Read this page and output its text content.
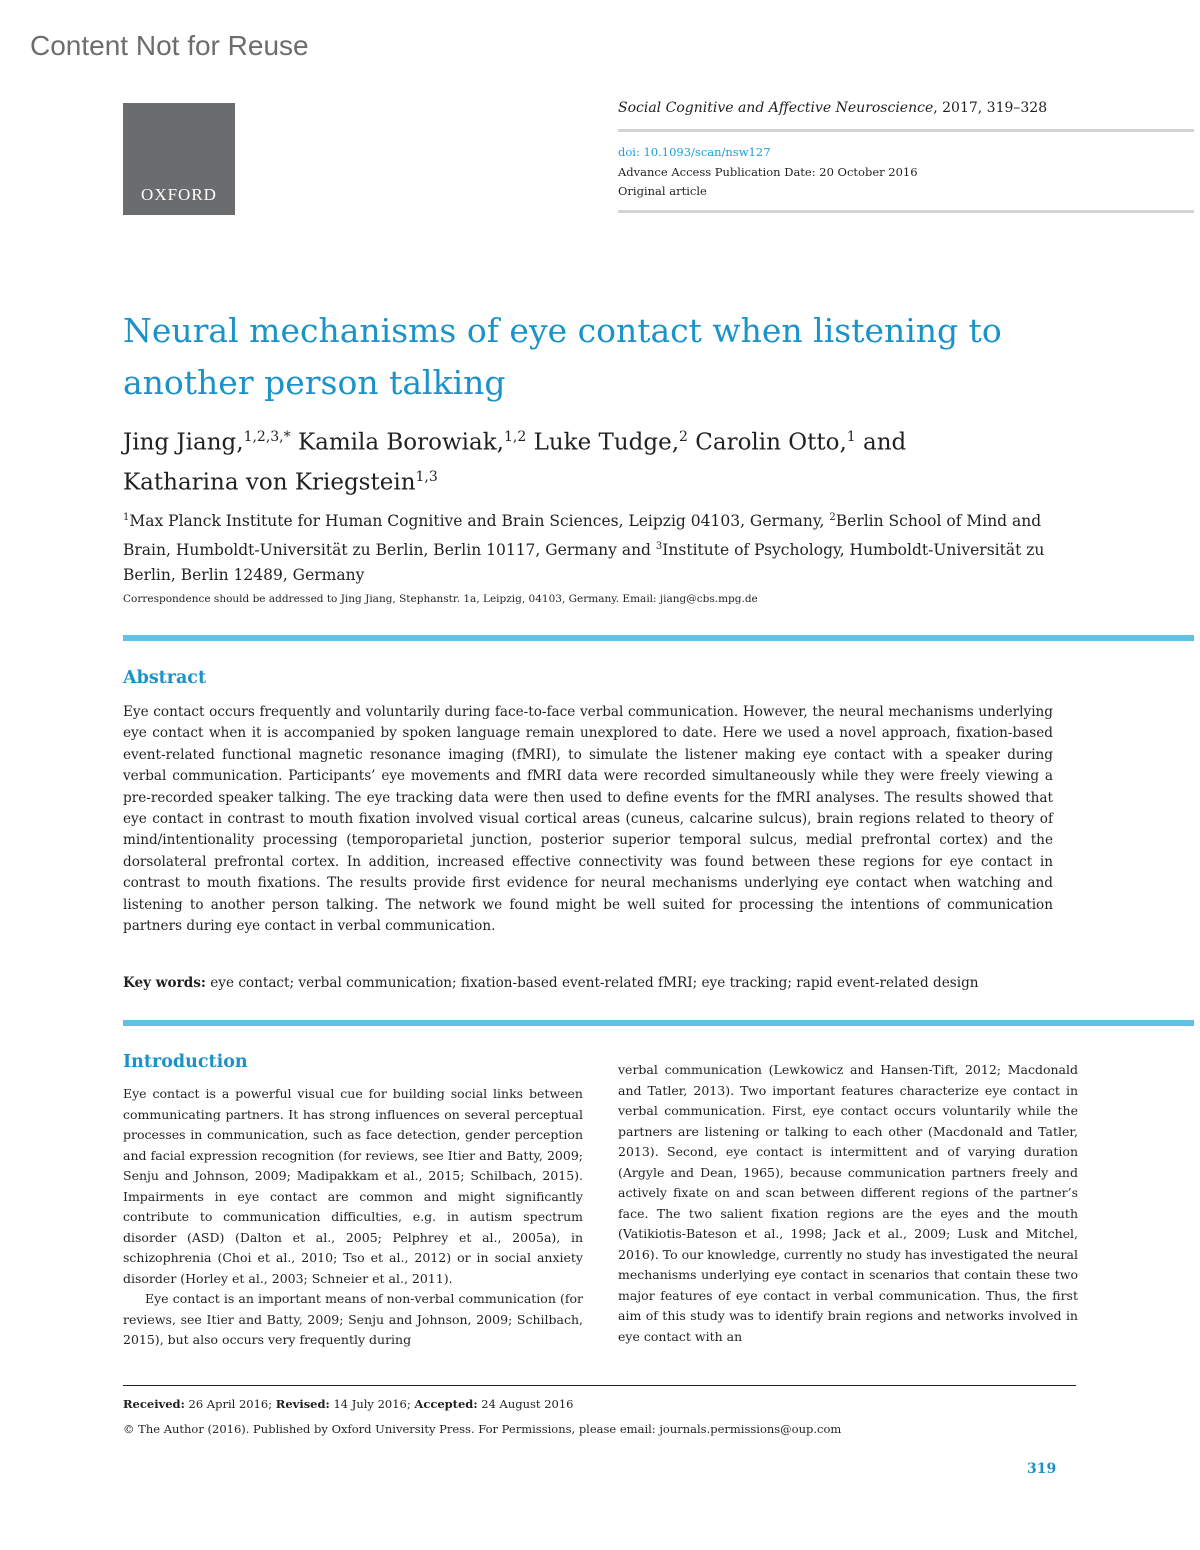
Content Not for Reuse
OXFORD
Social Cognitive and Affective Neuroscience, 2017, 319–328
doi: 10.1093/scan/nsw127
Advance Access Publication Date: 20 October 2016
Original article
Neural mechanisms of eye contact when listening to another person talking
Jing Jiang,$^{1,2,3,*}$ Kamila Borowiak,$^{1,2}$ Luke Tudge,$^2$ Carolin Otto,$^1$ and
Katharina von Kriegstein$^{1,3}$
$^1$Max Planck Institute for Human Cognitive and Brain Sciences, Leipzig 04103, Germany, $^2$Berlin School of Mind and Brain, Humboldt-Universität zu Berlin, Berlin 10117, Germany and $^3$Institute of Psychology, Humboldt-Universität zu Berlin, Berlin 12489, Germany
Correspondence should be addressed to Jing Jiang, Stephanstr. 1a, Leipzig, 04103, Germany. Email: jiang@cbs.mpg.de
Abstract
Eye contact occurs frequently and voluntarily during face-to-face verbal communication. However, the neural mechanisms underlying eye contact when it is accompanied by spoken language remain unexplored to date. Here we used a novel approach, fixation-based event-related functional magnetic resonance imaging (fMRI), to simulate the listener making eye contact with a speaker during verbal communication. Participants’ eye movements and fMRI data were recorded simultaneously while they were freely viewing a pre-recorded speaker talking. The eye tracking data were then used to define events for the fMRI analyses. The results showed that eye contact in contrast to mouth fixation involved visual cortical areas (cuneus, calcarine sulcus), brain regions related to theory of mind/intentionality processing (temporoparietal junction, posterior superior temporal sulcus, medial prefrontal cortex) and the dorsolateral prefrontal cortex. In addition, increased effective connectivity was found between these regions for eye contact in contrast to mouth fixations. The results provide first evidence for neural mechanisms underlying eye contact when watching and listening to another person talking. The network we found might be well suited for processing the intentions of communication partners during eye contact in verbal communication.
Key words: eye contact; verbal communication; fixation-based event-related fMRI; eye tracking; rapid event-related design
Introduction

Eye contact is a powerful visual cue for building social links between communicating partners. It has strong influences on several perceptual processes in communication, such as face detection, gender perception and facial expression recognition (for reviews, see Itier and Batty, 2009; Senju and Johnson, 2009; Madipakkam et al., 2015; Schilbach, 2015). Impairments in eye contact are common and might significantly contribute to communication difficulties, e.g. in autism spectrum disorder (ASD) (Dalton et al., 2005; Pelphrey et al., 2005a), in schizophrenia (Choi et al., 2010; Tso et al., 2012) or in social anxiety disorder (Horley et al., 2003; Schneier et al., 2011).

Eye contact is an important means of non-verbal communication (for reviews, see Itier and Batty, 2009; Senju and Johnson, 2009; Schilbach, 2015), but also occurs very frequently during

verbal communication (Lewkowicz and Hansen-Tift, 2012; Macdonald and Tatler, 2013). Two important features characterize eye contact in verbal communication. First, eye contact occurs voluntarily while the partners are listening or talking to each other (Macdonald and Tatler, 2013). Second, eye contact is intermittent and of varying duration (Argyle and Dean, 1965), because communication partners freely and actively fixate on and scan between different regions of the partner’s face. The two salient fixation regions are the eyes and the mouth (Vatikiotis-Bateson et al., 1998; Jack et al., 2009; Lusk and Mitchel, 2016). To our knowledge, currently no study has investigated the neural mechanisms underlying eye contact in scenarios that contain these two major features of eye contact in verbal communication. Thus, the first aim of this study was to identify brain regions and networks involved in eye contact with an

Received: 26 April 2016; Revised: 14 July 2016; Accepted: 24 August 2016
© The Author (2016). Published by Oxford University Press. For Permissions, please email: journals.permissions@oup.com
319
